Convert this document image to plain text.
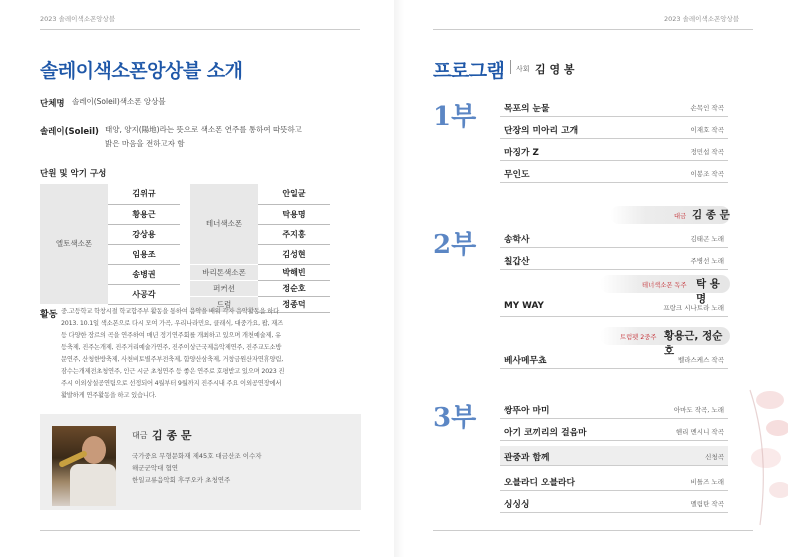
2023 솔레이색소폰앙상블
솔레이색소폰앙상블 소개
단체명 솔레이(Soleil)색소폰 앙상블
솔레이(Soleil) 태양, 양지(陽地)라는 뜻으로 색소폰 연주를 통하여 따뜻하고
밝은 마음을 전하고자 함
단원 및 악기 구성
엘토색소폰	김위규
황용근
강상용
임용조
송병권
사공각
테너색소폰	안일균
	탁용명
	주지홍
	김성현
바리톤색소폰	박해빈
퍼커션	정순호
드럼	정종덕
활동 중.고등학교 학창시절 학교합주부 활동을 통하여 음악을 배워 각자 음악활동을 하다
2013. 10.1일 색소폰으로 다시 모여 가곡, 우리나라민요, 클래식, 대중가요, 팝, 재즈
등 다양한 장르의 곡을 연주하여 매년 정기연주회를 개최하고 있으며 개천예술제, 유
등축제, 진주논개제, 진주거리예술가연주, 진주이상근국제음악제연주, 진주교도소방
문연주, 산청한방축제, 사천비토별주부전축제, 함양산삼축제, 거창금원산자연휴양림,
잠수는개제전초청연주, 인근 시군 초청연주 등 좋은 연주로 호평받고 있으며 2023 진
주시 이외상설공연팀으로 선정되어 4월부터 9월까지 진주시내 주요 이외공연장에서
활발하게 연주활동을 하고 있습니다.
대금 김 종 문
국가중요 무형문화재 제45호 대금산조 이수자
해군군악대 협연
한일교류음악회 후쿠오카 초청연주
2023 솔레이색소폰앙상블
프로그램 사회 김 영 봉
1부	목포의 눈물	손목인 작곡
단장의 미아리 고개	이재호 작곡
마징가 Z	정민섭 작곡
무인도	이봉조 작곡
2부
대금 김 종 문
송학사	김태곤 노래
칠갑산	주병선 노래
테너색소폰 독주 탁 용 명
MY WAY	프랑크 시나트라 노래
트럼펫 2중주 황용근, 정순호
베사메무쵸	벨라스케스 작곡
3부	쌍뚜아 마미	아마도 작곡, 노래
아기 코끼리의 걸음마	헨리 멘시니 작곡
관중과 함께	신청곡
오블라디 오블라다	비틀즈 노래
싱싱싱	멜림탄 작곡
